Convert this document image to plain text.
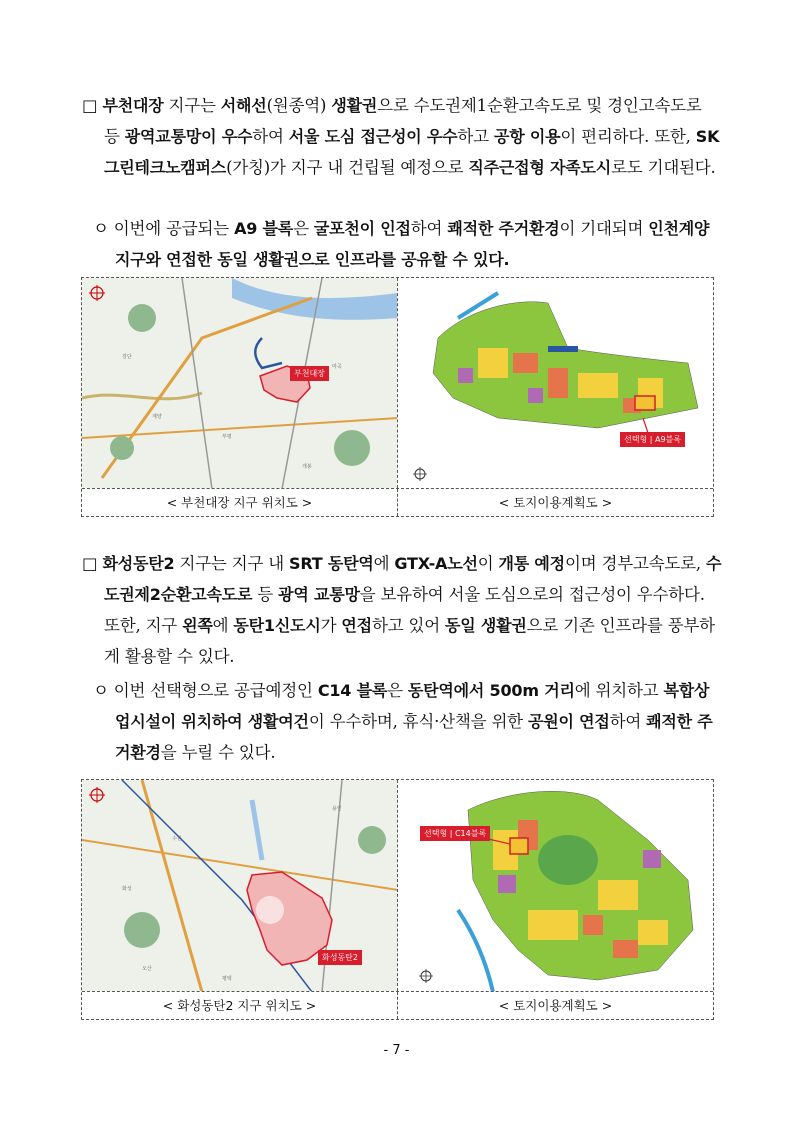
□ 부천대장 지구는 서해선(원종역) 생활권으로 수도권제1순환고속도로 및 경인고속도로 등 광역교통망이 우수하여 서울 도심 접근성이 우수하고 공항 이용이 편리하다. 또한, SK그린테크노캠퍼스(가칭)가 지구 내 건립될 예정으로 직주근접형 자족도시로도 기대된다.
ㅇ 이번에 공급되는 A9 블록은 굴포천이 인접하여 쾌적한 주거환경이 기대되며 인천계양지구와 연접한 동일 생활권으로 인프라를 공유할 수 있다.
검단
계양
마곡
부평
개봉
부천대장
선택형 | A9블록
< 부천대장 지구 위치도 >	< 토지이용계획도 >
□ 화성동탄2 지구는 지구 내 SRT 동탄역에 GTX-A노선이 개통 예정이며 경부고속도로, 수도권제2순환고속도로 등 광역 교통망을 보유하여 서울 도심으로의 접근성이 우수하다. 또한, 지구 왼쪽에 동탄1신도시가 연접하고 있어 동일 생활권으로 기존 인프라를 풍부하게 활용할 수 있다.
ㅇ 이번 선택형으로 공급예정인 C14 블록은 동탄역에서 500m 거리에 위치하고 복합상업시설이 위치하여 생활여건이 우수하며, 휴식·산책을 위한 공원이 연접하여 쾌적한 주거환경을 누릴 수 있다.
화성
수원
용인
오산
평택
화성동탄2
선택형 | C14블록
< 화성동탄2 지구 위치도 >	< 토지이용계획도 >
- 7 -
